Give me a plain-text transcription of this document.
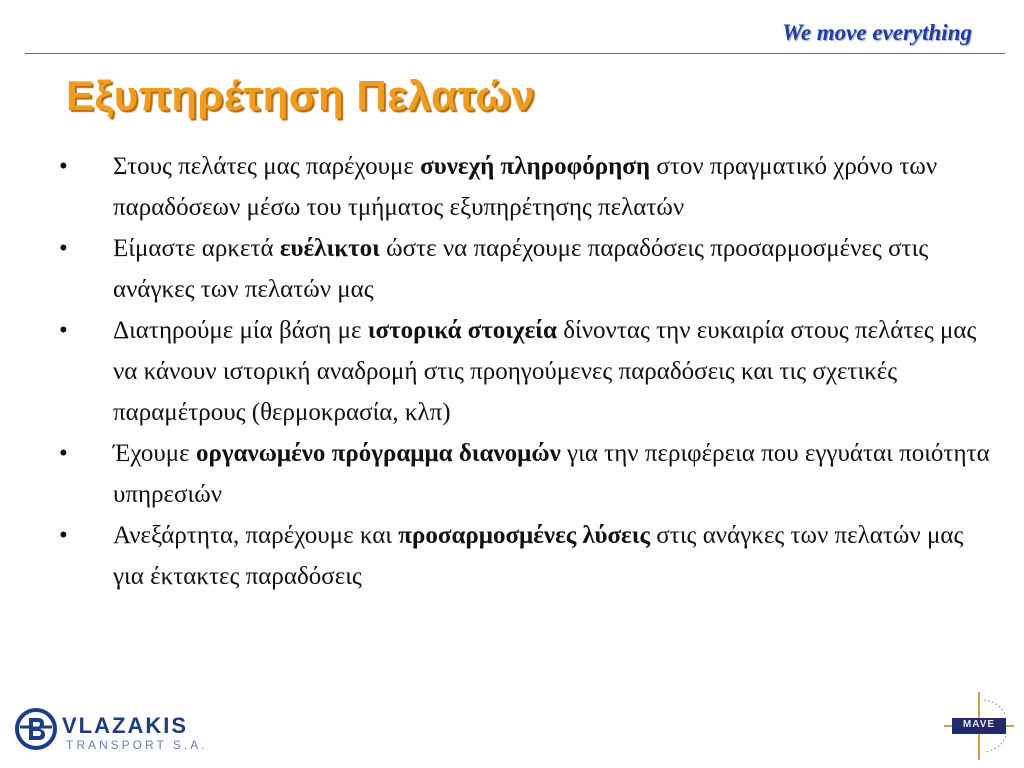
We move everything
Εξυπηρέτηση Πελατών
• Στους πελάτες μας παρέχουμε συνεχή πληροφόρηση στον πραγματικό χρόνο των παραδόσεων μέσω του τμήματος εξυπηρέτησης πελατών
• Είμαστε αρκετά ευέλικτοι ώστε να παρέχουμε παραδόσεις προσαρμοσμένες στις ανάγκες των πελατών μας
• Διατηρούμε μία βάση με ιστορικά στοιχεία δίνοντας την ευκαιρία στους πελάτες μας να κάνουν ιστορική αναδρομή στις προηγούμενες παραδόσεις και τις σχετικές παραμέτρους (θερμοκρασία, κλπ)
• Έχουμε οργανωμένο πρόγραμμα διανομών για την περιφέρεια που εγγυάται ποιότητα υπηρεσιών
• Ανεξάρτητα, παρέχουμε και προσαρμοσμένες λύσεις στις ανάγκες των πελατών μας για έκτακτες παραδόσεις
VLAZAKIS
TRANSPORT S.A.
MAVE
